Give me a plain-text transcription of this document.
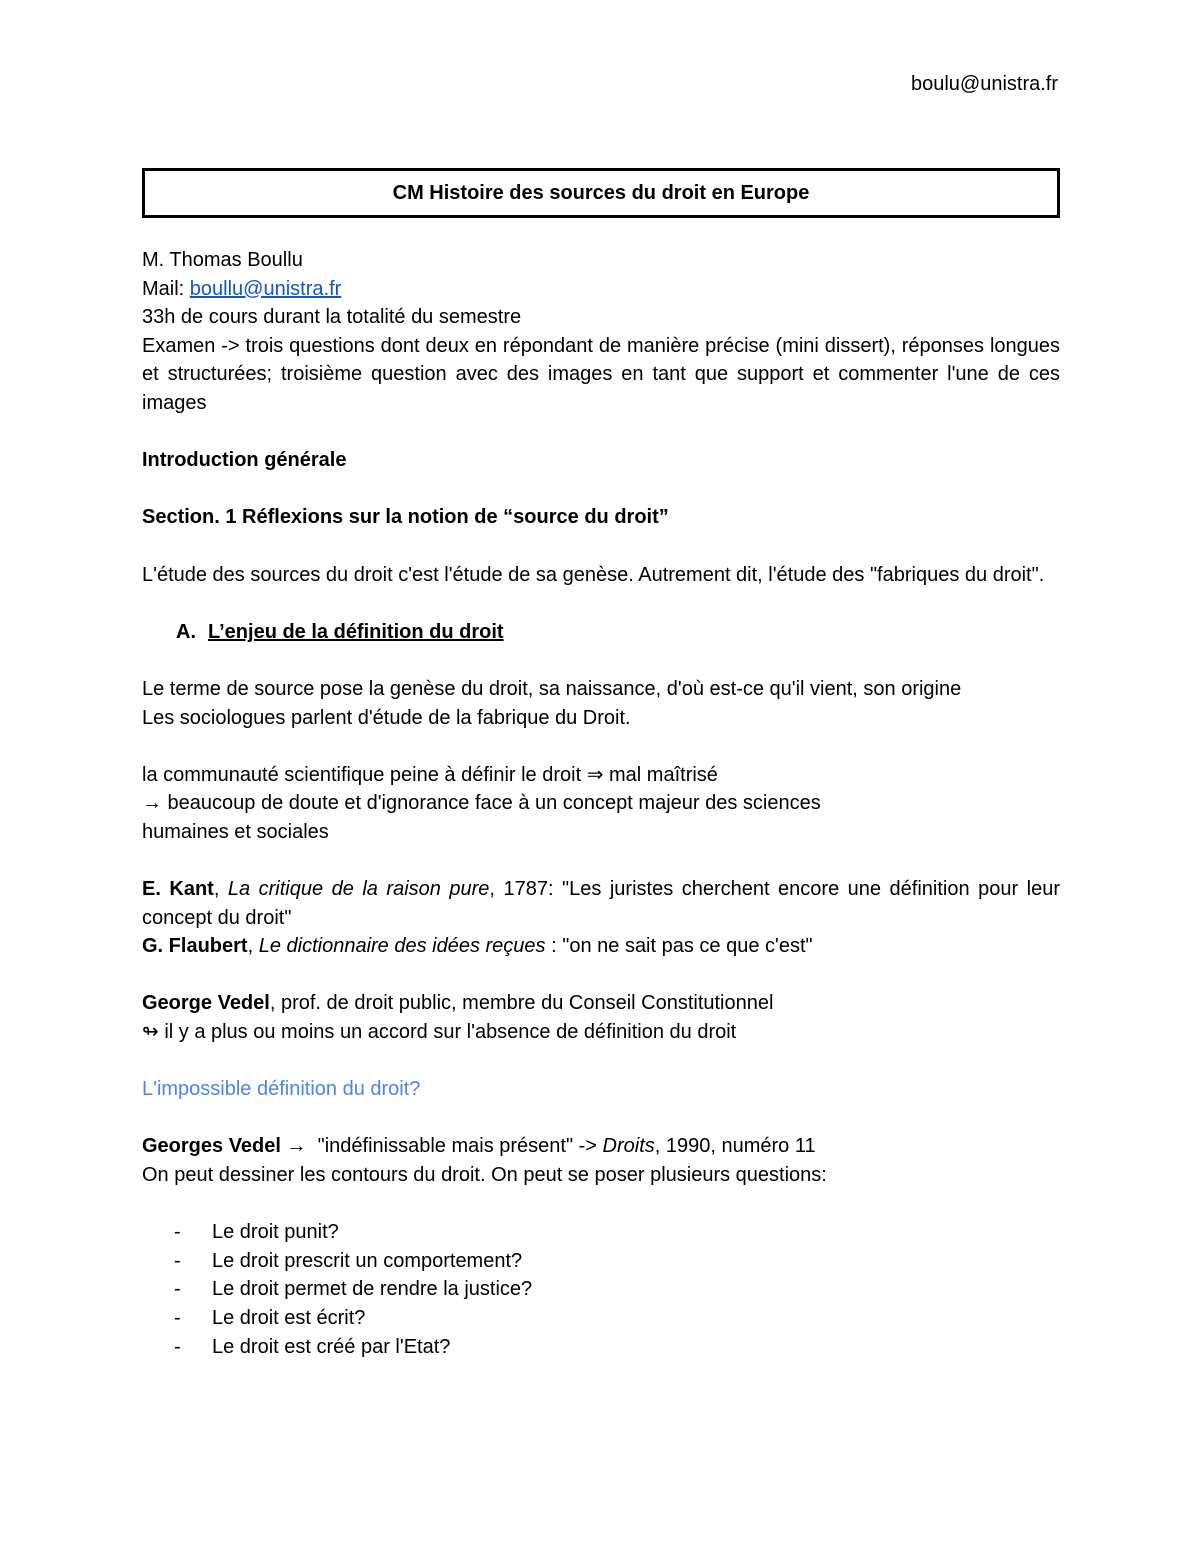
boulu@unistra.fr
CM Histoire des sources du droit en Europe
M. Thomas Boullu
Mail: boullu@unistra.fr
33h de cours durant la totalité du semestre
Examen -> trois questions dont deux en répondant de manière précise (mini dissert), réponses longues et structurées; troisième question avec des images en tant que support et commenter l'une de ces images
Introduction générale
Section. 1 Réflexions sur la notion de “source du droit”
L'étude des sources du droit c'est l'étude de sa genèse. Autrement dit, l'étude des "fabriques du droit".
A. L’enjeu de la définition du droit
Le terme de source pose la genèse du droit, sa naissance, d'où est-ce qu'il vient, son origine
Les sociologues parlent d'étude de la fabrique du Droit.
la communauté scientifique peine à définir le droit ⇒ mal maîtrisé
→ beaucoup de doute et d'ignorance face à un concept majeur des sciences
humaines et sociales
E. Kant, La critique de la raison pure, 1787: "Les juristes cherchent encore une définition pour leur concept du droit"
G. Flaubert, Le dictionnaire des idées reçues : "on ne sait pas ce que c'est"
George Vedel, prof. de droit public, membre du Conseil Constitutionnel
↬ il y a plus ou moins un accord sur l'absence de définition du droit
L'impossible définition du droit?
Georges Vedel →  "indéfinissable mais présent" -> Droits, 1990, numéro 11
On peut dessiner les contours du droit. On peut se poser plusieurs questions:
- Le droit punit?
- Le droit prescrit un comportement?
- Le droit permet de rendre la justice?
- Le droit est écrit?
- Le droit est créé par l'Etat?
